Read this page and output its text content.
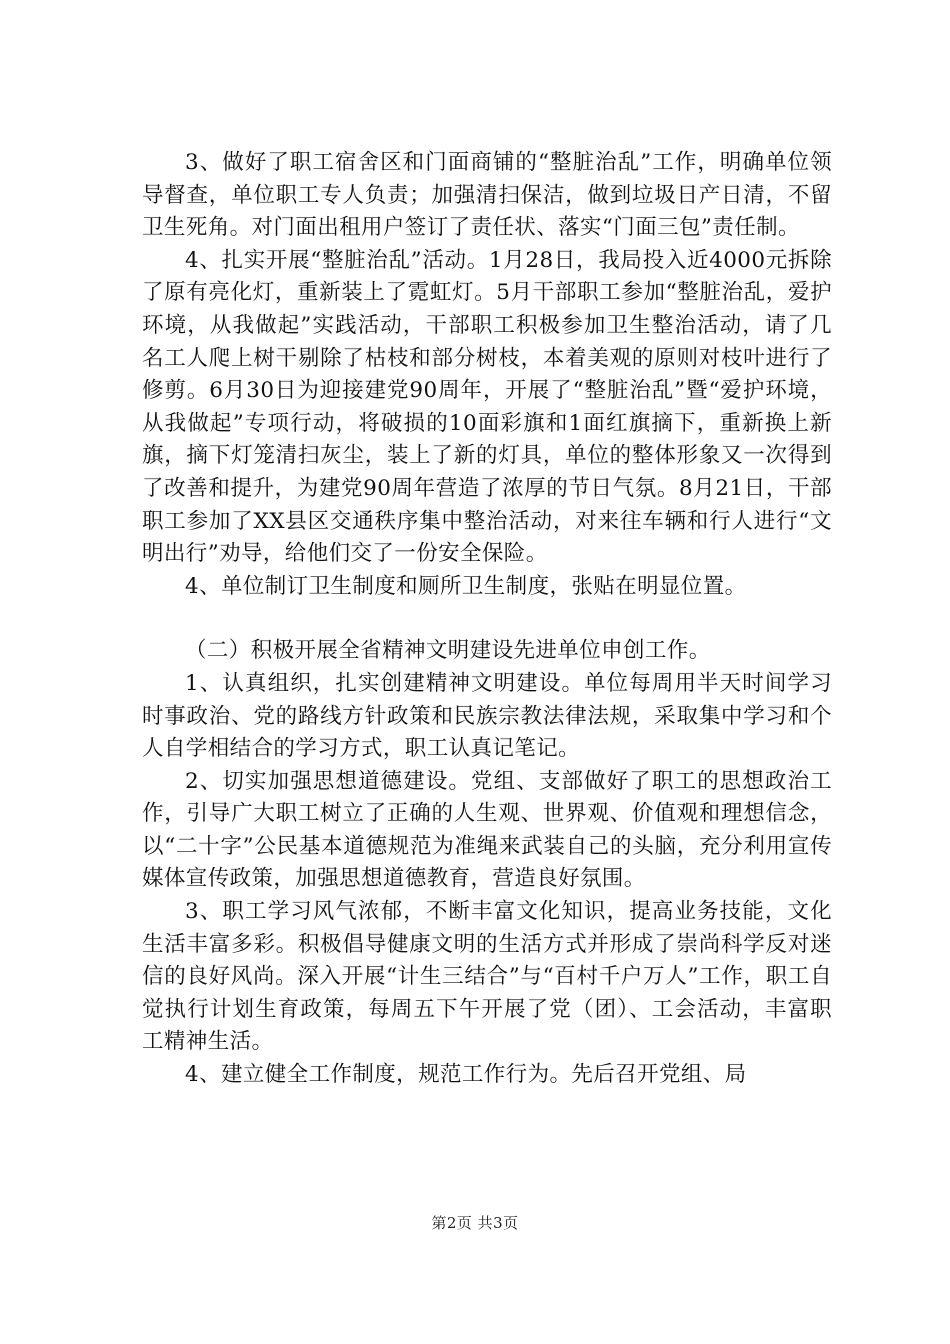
3、做好了职工宿舍区和门面商铺的“整脏治乱”工作，明确单位领导督查，单位职工专人负责；加强清扫保洁，做到垃圾日产日清，不留卫生死角。对门面出租用户签订了责任状、落实“门面三包”责任制。

4、扎实开展“整脏治乱”活动。1月28日，我局投入近4000元拆除了原有亮化灯，重新装上了霓虹灯。5月干部职工参加“整脏治乱，爱护环境，从我做起”实践活动，干部职工积极参加卫生整治活动，请了几名工人爬上树干剔除了枯枝和部分树枝，本着美观的原则对枝叶进行了修剪。6月30日为迎接建党90周年，开展了“整脏治乱”暨“爱护环境，从我做起”专项行动，将破损的10面彩旗和1面红旗摘下，重新换上新旗，摘下灯笼清扫灰尘，装上了新的灯具，单位的整体形象又一次得到了改善和提升，为建党90周年营造了浓厚的节日气氛。8月21日，干部职工参加了XX县区交通秩序集中整治活动，对来往车辆和行人进行“文明出行”劝导，给他们交了一份安全保险。

4、单位制订卫生制度和厕所卫生制度，张贴在明显位置。

（二）积极开展全省精神文明建设先进单位申创工作。

1、认真组织，扎实创建精神文明建设。单位每周用半天时间学习时事政治、党的路线方针政策和民族宗教法律法规，采取集中学习和个人自学相结合的学习方式，职工认真记笔记。

2、切实加强思想道德建设。党组、支部做好了职工的思想政治工作，引导广大职工树立了正确的人生观、世界观、价值观和理想信念，以“二十字”公民基本道德规范为准绳来武装自己的头脑，充分利用宣传媒体宣传政策，加强思想道德教育，营造良好氛围。

3、职工学习风气浓郁，不断丰富文化知识，提高业务技能，文化生活丰富多彩。积极倡导健康文明的生活方式并形成了崇尚科学反对迷信的良好风尚。深入开展“计生三结合”与“百村千户万人”工作，职工自觉执行计划生育政策，每周五下午开展了党（团）、工会活动，丰富职工精神生活。

4、建立健全工作制度，规范工作行为。先后召开党组、局

第2页 共3页
